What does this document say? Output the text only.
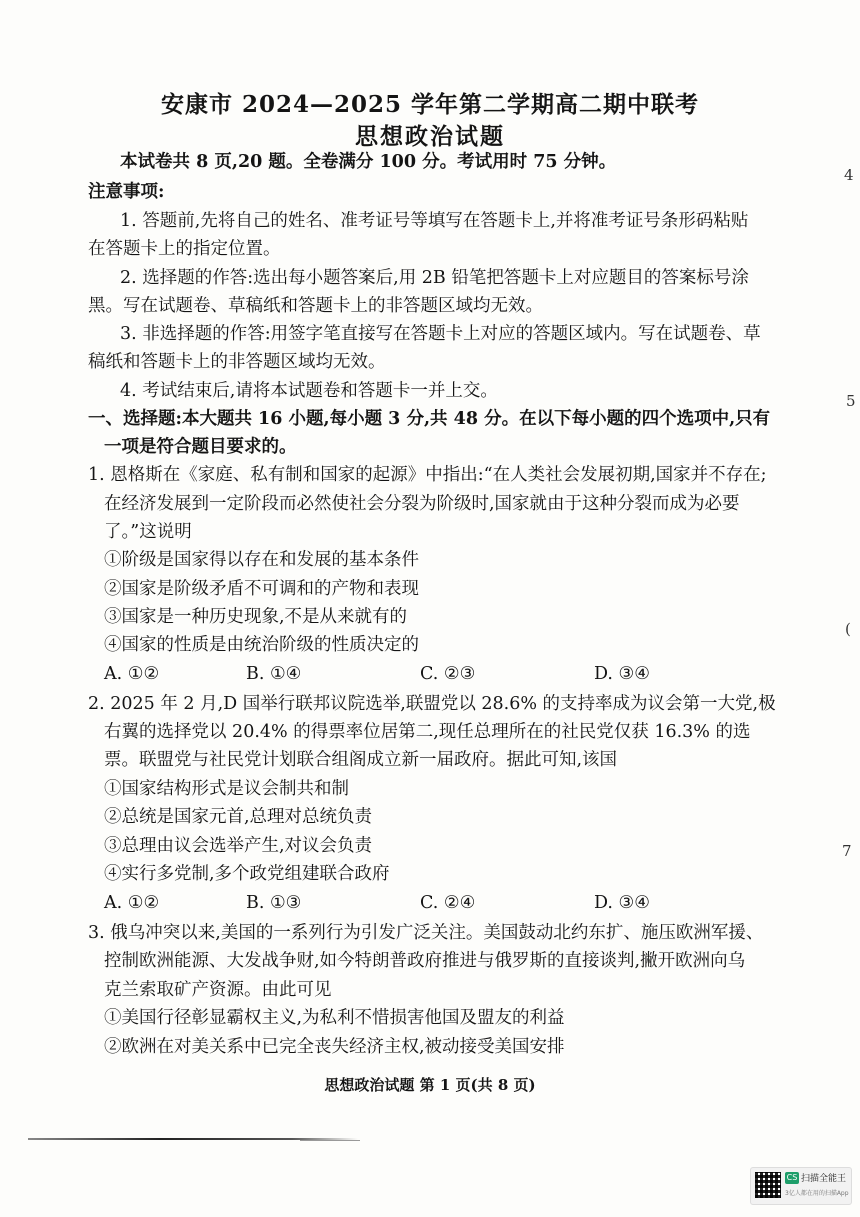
安康市 2024—2025 学年第二学期高二期中联考
思想政治试题
本试卷共 8 页,20 题。全卷满分 100 分。考试用时 75 分钟。
注意事项:
1. 答题前,先将自己的姓名、准考证号等填写在答题卡上,并将准考证号条形码粘贴
在答题卡上的指定位置。
2. 选择题的作答:选出每小题答案后,用 2B 铅笔把答题卡上对应题目的答案标号涂
黑。写在试题卷、草稿纸和答题卡上的非答题区域均无效。
3. 非选择题的作答:用签字笔直接写在答题卡上对应的答题区域内。写在试题卷、草
稿纸和答题卡上的非答题区域均无效。
4. 考试结束后,请将本试题卷和答题卡一并上交。
一、选择题:本大题共 16 小题,每小题 3 分,共 48 分。在以下每小题的四个选项中,只有
一项是符合题目要求的。
1. 恩格斯在《家庭、私有制和国家的起源》中指出:“在人类社会发展初期,国家并不存在;
在经济发展到一定阶段而必然使社会分裂为阶级时,国家就由于这种分裂而成为必要
了。”这说明
①阶级是国家得以存在和发展的基本条件
②国家是阶级矛盾不可调和的产物和表现
③国家是一种历史现象,不是从来就有的
④国家的性质是由统治阶级的性质决定的
A. ①②	B. ①④	C. ②③	D. ③④
2. 2025 年 2 月,D 国举行联邦议院选举,联盟党以 28.6% 的支持率成为议会第一大党,极
右翼的选择党以 20.4% 的得票率位居第二,现任总理所在的社民党仅获 16.3% 的选
票。联盟党与社民党计划联合组阁成立新一届政府。据此可知,该国
①国家结构形式是议会制共和制
②总统是国家元首,总理对总统负责
③总理由议会选举产生,对议会负责
④实行多党制,多个政党组建联合政府
A. ①②	B. ①③	C. ②④	D. ③④
3. 俄乌冲突以来,美国的一系列行为引发广泛关注。美国鼓动北约东扩、施压欧洲军援、
控制欧洲能源、大发战争财,如今特朗普政府推进与俄罗斯的直接谈判,撇开欧洲向乌
克兰索取矿产资源。由此可见
①美国行径彰显霸权主义,为私利不惜损害他国及盟友的利益
②欧洲在对美关系中已完全丧失经济主权,被动接受美国安排
思想政治试题 第 1 页(共 8 页)
4
5
(
7
CS 扫描全能王
3亿人都在用的扫描App
